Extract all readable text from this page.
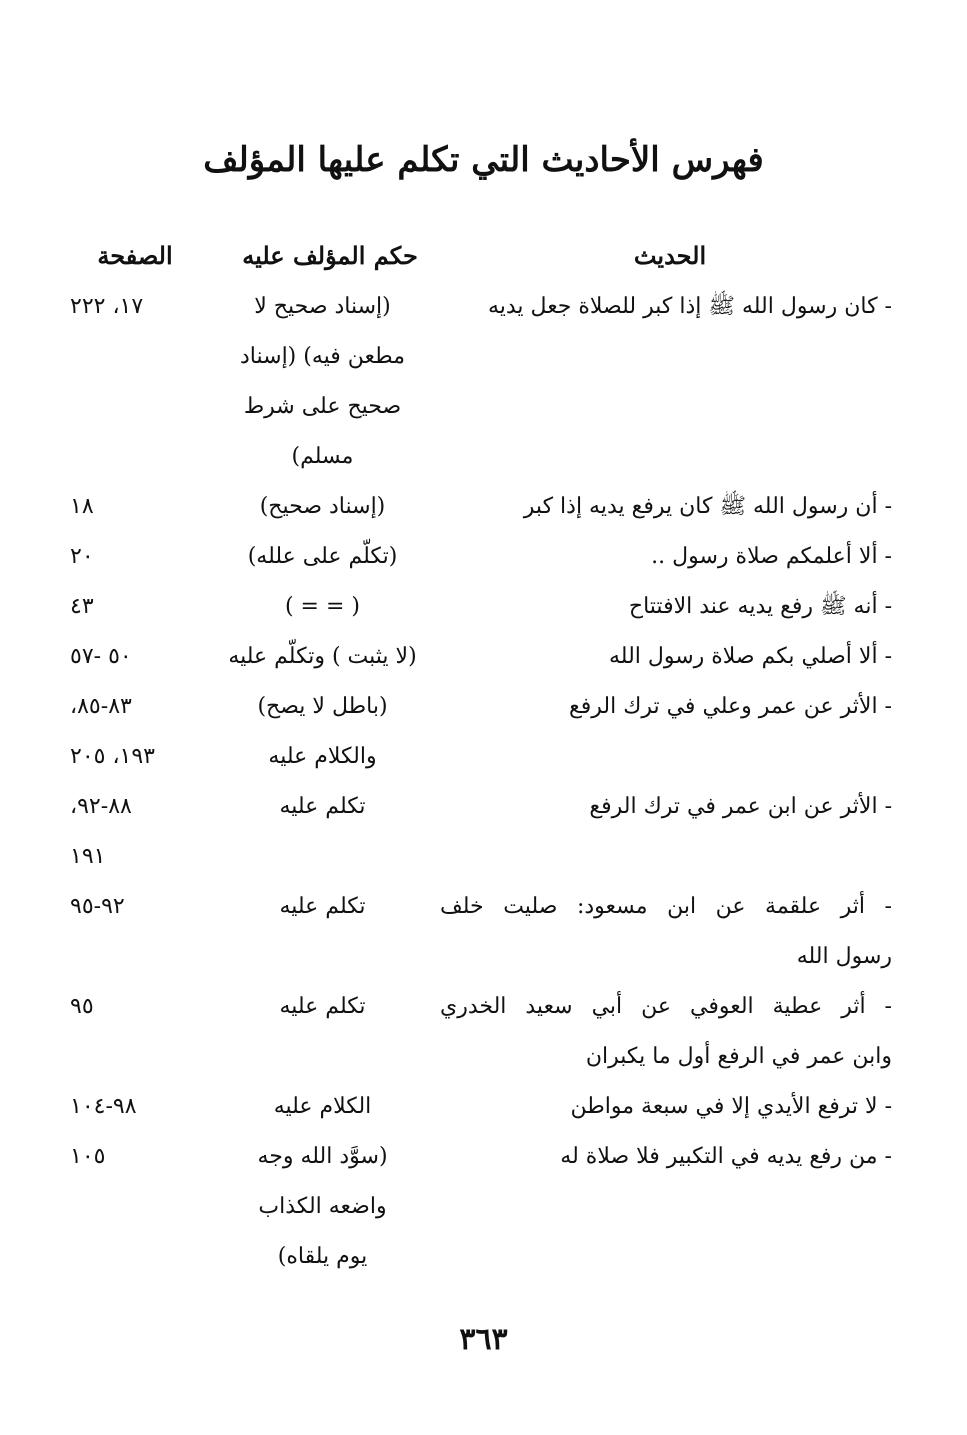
فهرس الأحاديث التي تكلم عليها المؤلف
الحديث
حكم المؤلف عليه
الصفحة
- كان رسول الله ﷺ إذا كبر للصلاة جعل يديه
(إسناد صحيح لا
مطعن فيه) (إسناد
صحيح على شرط
مسلم)
١٧، ٢٢٢
- أن رسول الله ﷺ كان يرفع يديه إذا كبر
(إسناد صحيح)
١٨
- ألا أعلمكم صلاة رسول ..
(تكلّم على علله)
٢٠
- أنه ﷺ رفع يديه عند الافتتاح
( = = )
٤٣
- ألا أصلي بكم صلاة رسول الله
(لا يثبت ) وتكلّم عليه
٥٠ -٥٧
- الأثر عن عمر وعلي في ترك الرفع
(باطل لا يصح)
والكلام عليه
٨٣-٨٥،
١٩٣، ٢٠٥
- الأثر عن ابن عمر في ترك الرفع
تكلم عليه
٨٨-٩٢،
١٩١
- أثر علقمة عن ابن مسعود: صليت خلف
رسول الله
تكلم عليه
٩٢-٩٥
- أثر عطية العوفي عن أبي سعيد الخدري
وابن عمر في الرفع أول ما يكبران
تكلم عليه
٩٥
- لا ترفع الأيدي إلا في سبعة مواطن
الكلام عليه
٩٨-١٠٤
- من رفع يديه في التكبير فلا صلاة له
(سوَّد الله وجه
واضعه الكذاب
يوم يلقاه)
١٠٥
٣٦٣
